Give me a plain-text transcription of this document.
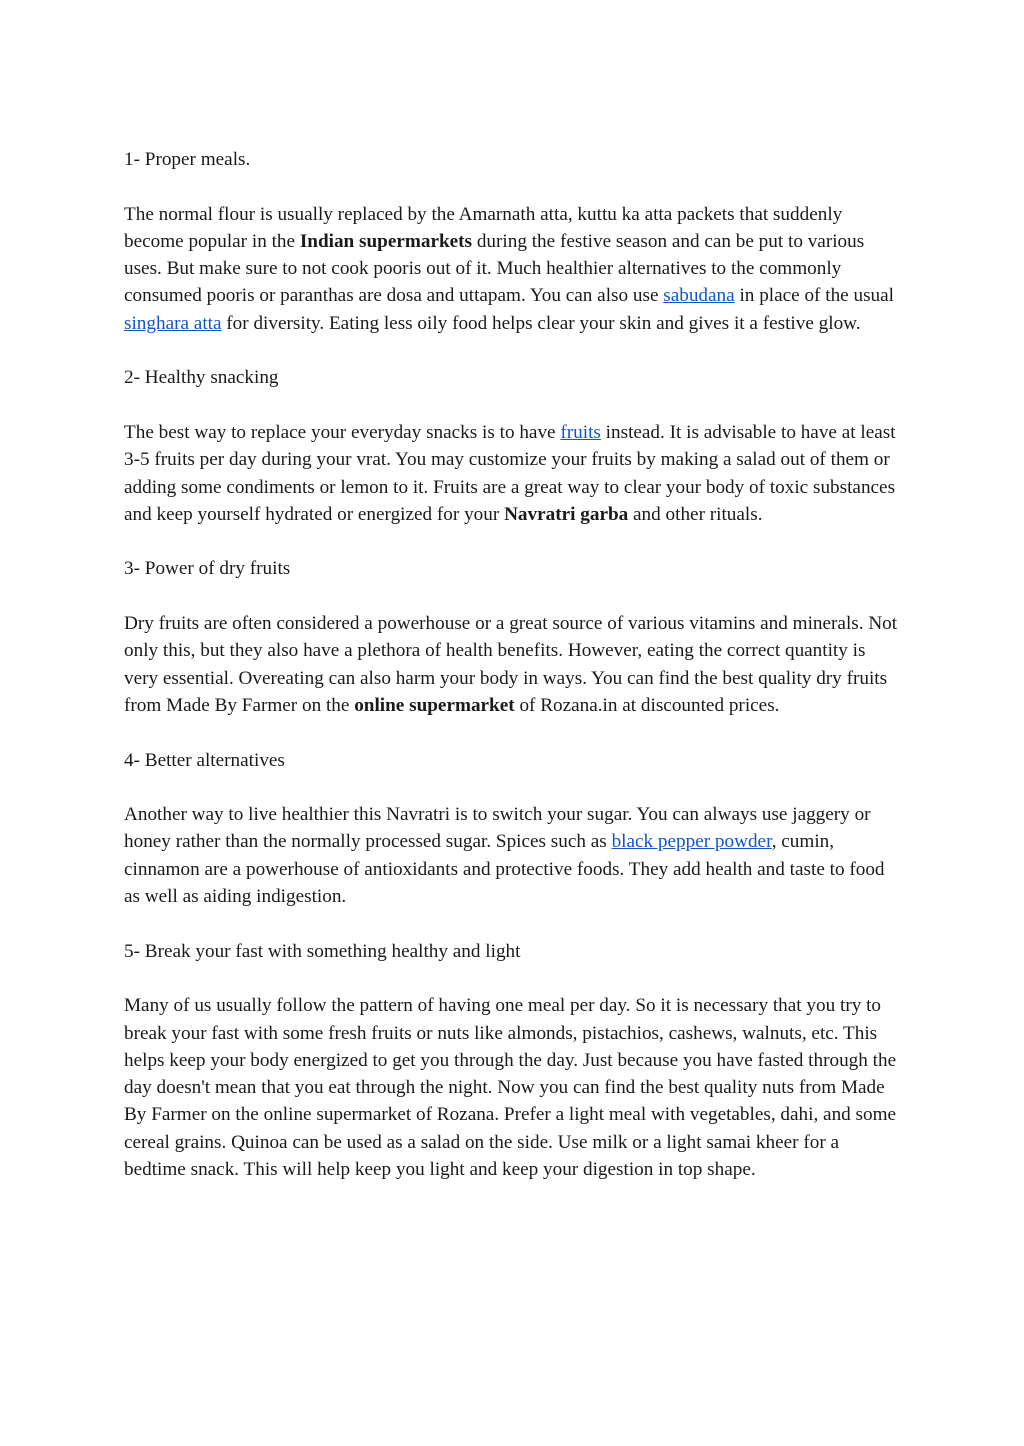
1- Proper meals.

The normal flour is usually replaced by the Amarnath atta, kuttu ka atta packets that suddenly become popular in the Indian supermarkets during the festive season and can be put to various uses. But make sure to not cook pooris out of it. Much healthier alternatives to the commonly consumed pooris or paranthas are dosa and uttapam. You can also use sabudana in place of the usual singhara atta for diversity. Eating less oily food helps clear your skin and gives it a festive glow.

2- Healthy snacking

The best way to replace your everyday snacks is to have fruits instead. It is advisable to have at least 3-5 fruits per day during your vrat. You may customize your fruits by making a salad out of them or adding some condiments or lemon to it. Fruits are a great way to clear your body of toxic substances and keep yourself hydrated or energized for your Navratri garba and other rituals.

3- Power of dry fruits

Dry fruits are often considered a powerhouse or a great source of various vitamins and minerals. Not only this, but they also have a plethora of health benefits. However, eating the correct quantity is very essential. Overeating can also harm your body in ways. You can find the best quality dry fruits from Made By Farmer on the online supermarket of Rozana.in at discounted prices.

4- Better alternatives

Another way to live healthier this Navratri is to switch your sugar. You can always use jaggery or honey rather than the normally processed sugar. Spices such as black pepper powder, cumin, cinnamon are a powerhouse of antioxidants and protective foods. They add health and taste to food as well as aiding indigestion.

5- Break your fast with something healthy and light

Many of us usually follow the pattern of having one meal per day. So it is necessary that you try to break your fast with some fresh fruits or nuts like almonds, pistachios, cashews, walnuts, etc. This helps keep your body energized to get you through the day. Just because you have fasted through the day doesn't mean that you eat through the night. Now you can find the best quality nuts from Made By Farmer on the online supermarket of Rozana. Prefer a light meal with vegetables, dahi, and some cereal grains. Quinoa can be used as a salad on the side. Use milk or a light samai kheer for a bedtime snack. This will help keep you light and keep your digestion in top shape.
